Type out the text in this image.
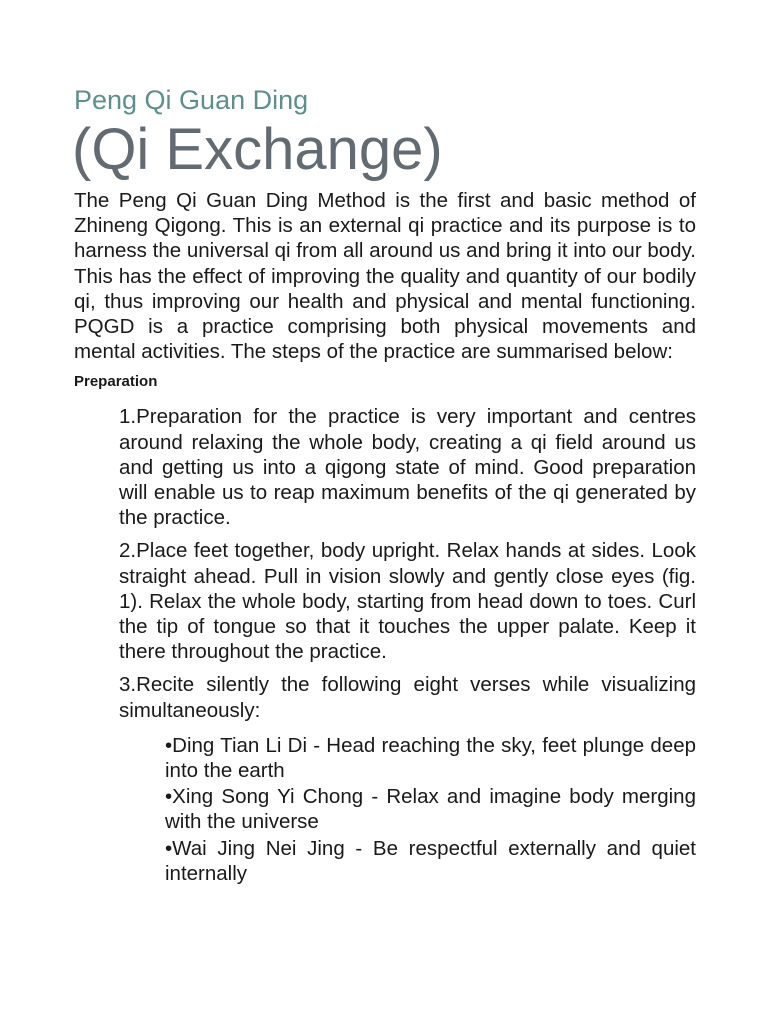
Peng Qi Guan Ding
(Qi Exchange)

The Peng Qi Guan Ding Method is the first and basic method of Zhineng Qigong. This is an external qi practice and its purpose is to harness the universal qi from all around us and bring it into our body. This has the effect of improving the quality and quantity of our bodily qi, thus improving our health and physical and mental functioning. PQGD is a practice comprising both physical movements and mental activities. The steps of the practice are summarised below:

Preparation
1.Preparation for the practice is very important and centres around relaxing the whole body, creating a qi field around us and getting us into a qigong state of mind. Good preparation will enable us to reap maximum benefits of the qi generated by the practice.
2.Place feet together, body upright. Relax hands at sides. Look straight ahead. Pull in vision slowly and gently close eyes (fig. 1). Relax the whole body, starting from head down to toes. Curl the tip of tongue so that it touches the upper palate. Keep it there throughout the practice.
3.Recite silently the following eight verses while visualizing simultaneously:
•Ding Tian Li Di - Head reaching the sky, feet plunge deep into the earth
•Xing Song Yi Chong - Relax and imagine body merging with the universe
•Wai Jing Nei Jing - Be respectful externally and quiet internally
